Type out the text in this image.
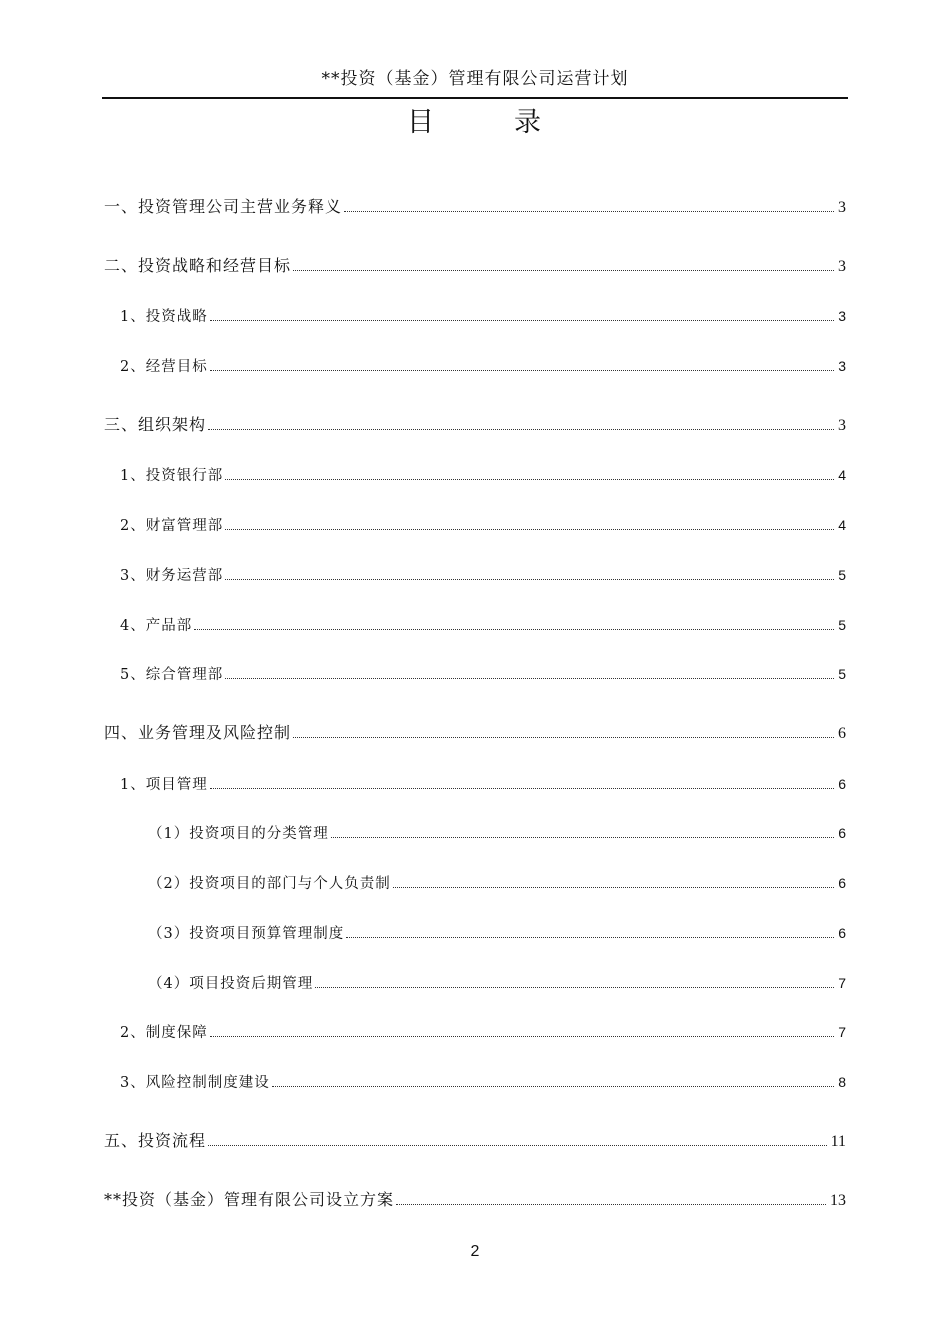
**投资（基金）管理有限公司运营计划
目	录
一、投资管理公司主营业务释义	3
二、投资战略和经营目标	3
1、投资战略	3
2、经营目标	3
三、组织架构	3
1、投资银行部	4
2、财富管理部	4
3、财务运营部	5
4、产品部	5
5、综合管理部	5
四、业务管理及风险控制	6
1、项目管理	6
（1）投资项目的分类管理	6
（2）投资项目的部门与个人负责制	6
（3）投资项目预算管理制度	6
（4）项目投资后期管理	7
2、制度保障	7
3、风险控制制度建设	8
五、投资流程	11
**投资（基金）管理有限公司设立方案	13
2
